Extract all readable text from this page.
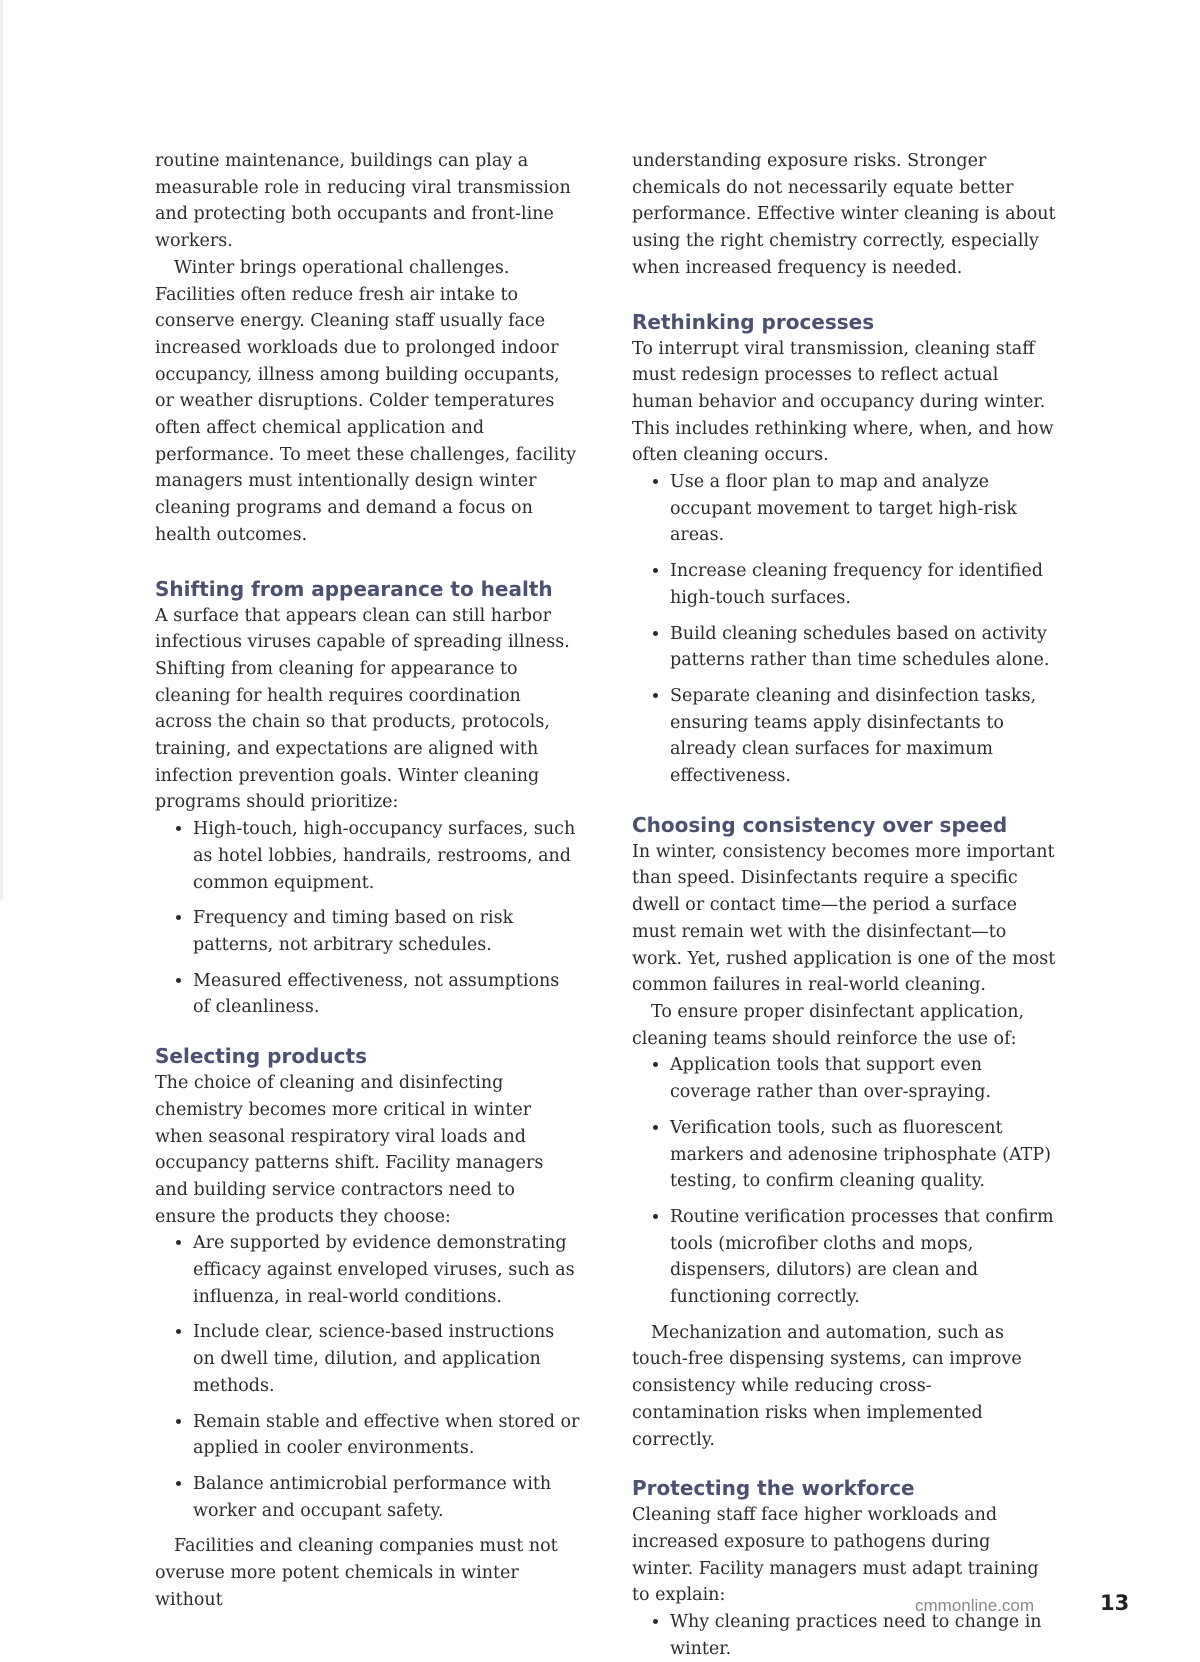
routine maintenance, buildings can play a measurable role in reducing viral transmission and protecting both occupants and front-line workers.

Winter brings operational challenges. Facilities often reduce fresh air intake to conserve energy. Cleaning staff usually face increased workloads due to prolonged indoor occupancy, illness among building occupants, or weather disruptions. Colder temperatures often affect chemical application and performance. To meet these challenges, facility managers must intentionally design winter cleaning programs and demand a focus on health outcomes.

Shifting from appearance to health

A surface that appears clean can still harbor infectious viruses capable of spreading illness. Shifting from cleaning for appearance to cleaning for health requires coordination across the chain so that products, protocols, training, and expectations are aligned with infection prevention goals. Winter cleaning programs should prioritize:

• High-touch, high-occupancy surfaces, such as hotel lobbies, handrails, restrooms, and common equipment.
• Frequency and timing based on risk patterns, not arbitrary schedules.
• Measured effectiveness, not assumptions of cleanliness.
Selecting products

The choice of cleaning and disinfecting chemistry becomes more critical in winter when seasonal respiratory viral loads and occupancy patterns shift. Facility managers and building service contractors need to ensure the products they choose:

• Are supported by evidence demonstrating efficacy against enveloped viruses, such as influenza, in real-world conditions.
• Include clear, science-based instructions on dwell time, dilution, and application methods.
• Remain stable and effective when stored or applied in cooler environments.
• Balance antimicrobial performance with worker and occupant safety.

Facilities and cleaning companies must not overuse more potent chemicals in winter without

understanding exposure risks. Stronger chemicals do not necessarily equate better performance. Effective winter cleaning is about using the right chemistry correctly, especially when increased frequency is needed.

Rethinking processes

To interrupt viral transmission, cleaning staff must redesign processes to reflect actual human behavior and occupancy during winter. This includes rethinking where, when, and how often cleaning occurs.

• Use a floor plan to map and analyze occupant movement to target high-risk areas.
• Increase cleaning frequency for identified high-touch surfaces.
• Build cleaning schedules based on activity patterns rather than time schedules alone.
• Separate cleaning and disinfection tasks, ensuring teams apply disinfectants to already clean surfaces for maximum effectiveness.
Choosing consistency over speed

In winter, consistency becomes more important than speed. Disinfectants require a specific dwell or contact time—the period a surface must remain wet with the disinfectant—to work. Yet, rushed application is one of the most common failures in real-world cleaning.

To ensure proper disinfectant application, cleaning teams should reinforce the use of:

• Application tools that support even coverage rather than over-spraying.
• Verification tools, such as fluorescent markers and adenosine triphosphate (ATP) testing, to confirm cleaning quality.
• Routine verification processes that confirm tools (microfiber cloths and mops, dispensers, dilutors) are clean and functioning correctly.

Mechanization and automation, such as touch-free dispensing systems, can improve consistency while reducing cross-contamination risks when implemented correctly.

Protecting the workforce

Cleaning staff face higher workloads and increased exposure to pathogens during winter. Facility managers must adapt training to explain:

• Why cleaning practices need to change in winter.
cmmonline.com	13
